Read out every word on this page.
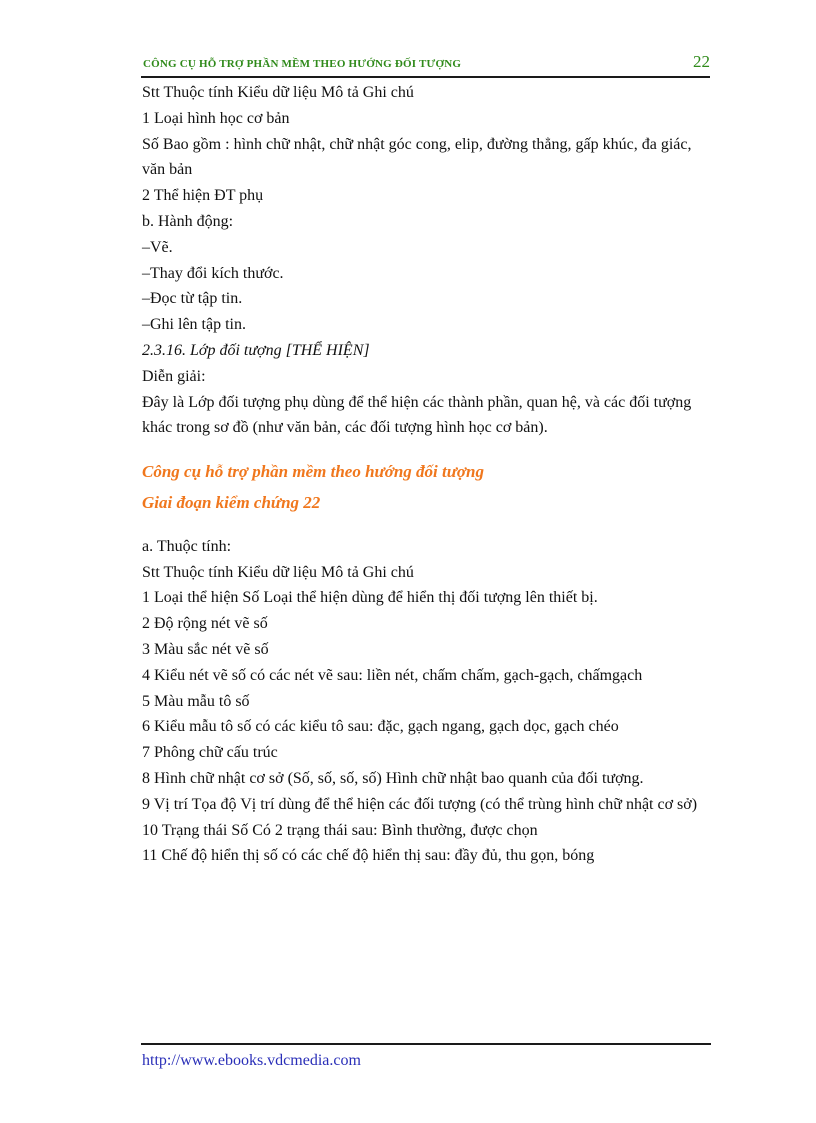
CÔNG CỤ HỖ TRỢ PHẦN MỀM THEO HƯỚNG ĐỐI TƯỢNG	22
Stt Thuộc tính Kiểu dữ liệu Mô tả Ghi chú
1 Loại hình học cơ bản
Số Bao gồm : hình chữ nhật, chữ nhật góc cong, elip, đường thẳng, gấp khúc, đa giác, văn bản
2 Thể hiện ĐT phụ
b. Hành động:
–Vẽ.
–Thay đổi kích thước.
–Đọc từ tập tin.
–Ghi lên tập tin.
2.3.16. Lớp đối tượng [THỂ HIỆN]
Diễn giải:
Đây là Lớp đối tượng phụ dùng để thể hiện các thành phần, quan hệ, và các đối tượng khác trong sơ đồ (như văn bản, các đối tượng hình học cơ bản).
Công cụ hỗ trợ phần mềm theo hướng đối tượng
Giai đoạn kiểm chứng 22
a. Thuộc tính:
Stt Thuộc tính Kiểu dữ liệu Mô tả Ghi chú
1 Loại thể hiện Số Loại thể hiện dùng để hiển thị đối tượng lên thiết bị.
2 Độ rộng nét vẽ số
3 Màu sắc nét vẽ số
4 Kiểu nét vẽ số có các nét vẽ sau: liền nét, chấm chấm, gạch-gạch, chấmgạch
5 Màu mẫu tô số
6 Kiểu mẫu tô số có các kiểu tô sau: đặc, gạch ngang, gạch dọc, gạch chéo
7 Phông chữ cấu trúc
8 Hình chữ nhật cơ sở (Số, số, số, số) Hình chữ nhật bao quanh của đối tượng.
9 Vị trí Tọa độ Vị trí dùng để thể hiện các đối tượng (có thể trùng hình chữ nhật cơ sở)
10 Trạng thái Số Có 2 trạng thái sau: Bình thường, được chọn
11 Chế độ hiển thị số có các chế độ hiển thị sau: đầy đủ, thu gọn, bóng
http://www.ebooks.vdcmedia.com
